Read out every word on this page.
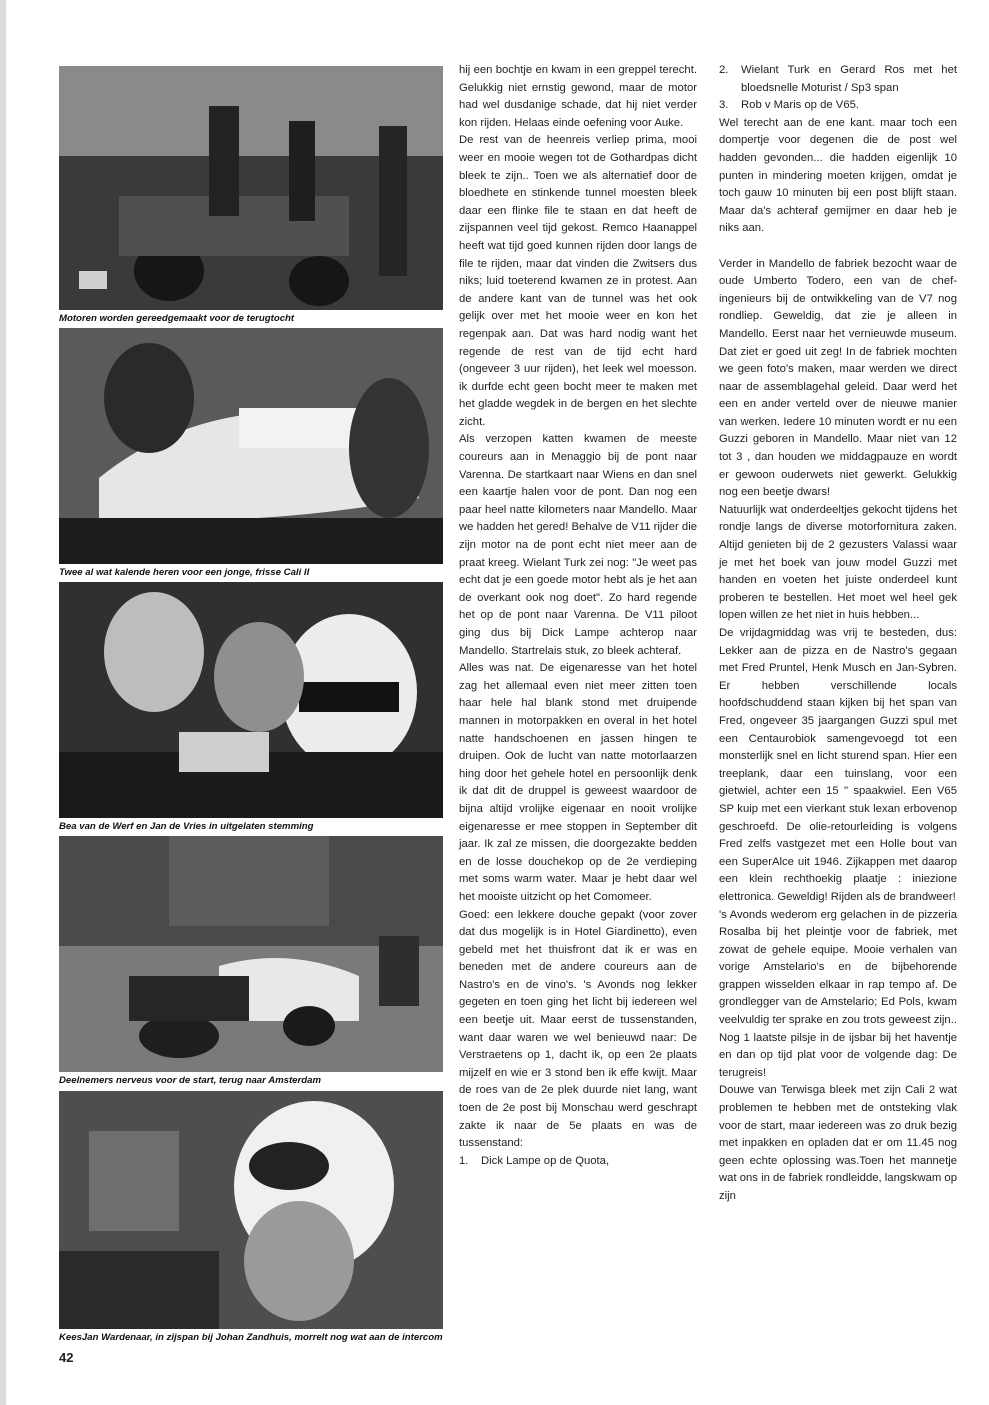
Motoren worden gereedgemaakt voor de terugtocht
Twee al wat kalende heren voor een jonge, frisse Cali II
Bea van de Werf en Jan de Vries in uitgelaten stemming
Deelnemers nerveus voor de start, terug naar Amsterdam
KeesJan Wardenaar, in zijspan bij Johan Zandhuis, morrelt nog wat aan de intercom

hij een bochtje en kwam in een greppel terecht. Gelukkig niet ernstig gewond, maar de motor had wel dusdanige schade, dat hij niet verder kon rijden. Helaas einde oefening voor Auke.

De rest van de heenreis verliep prima, mooi weer en mooie wegen tot de Gothardpas dicht bleek te zijn.. Toen we als alternatief door de bloedhete en stinkende tunnel moesten bleek daar een flinke file te staan en dat heeft de zijspannen veel tijd gekost. Remco Haanappel heeft wat tijd goed kunnen rijden door langs de file te rijden, maar dat vinden die Zwitsers dus niks; luid toeterend kwamen ze in protest. Aan de andere kant van de tunnel was het ook gelijk over met het mooie weer en kon het regenpak aan. Dat was hard nodig want het regende de rest van de tijd echt hard (ongeveer 3 uur rijden), het leek wel moesson. ik durfde echt geen bocht meer te maken met het gladde wegdek in de bergen en het slechte zicht.

Als verzopen katten kwamen de meeste coureurs aan in Menaggio bij de pont naar Varenna. De startkaart naar Wiens en dan snel een kaartje halen voor de pont. Dan nog een paar heel natte kilometers naar Mandello. Maar we hadden het gered! Behalve de V11 rijder die zijn motor na de pont echt niet meer aan de praat kreeg. Wielant Turk zei nog: "Je weet pas echt dat je een goede motor hebt als je het aan de overkant ook nog doet". Zo hard regende het op de pont naar Varenna. De V11 piloot ging dus bij Dick Lampe achterop naar Mandello. Startrelais stuk, zo bleek achteraf.

Alles was nat. De eigenaresse van het hotel zag het allemaal even niet meer zitten toen haar hele hal blank stond met druipende mannen in motorpakken en overal in het hotel natte handschoenen en jassen hingen te druipen. Ook de lucht van natte motorlaarzen hing door het gehele hotel en persoonlijk denk ik dat dit de druppel is geweest waardoor de bijna altijd vrolijke eigenaar en nooit vrolijke eigenaresse er mee stoppen in September dit jaar. Ik zal ze missen, die doorgezakte bedden en de losse douchekop op de 2e verdieping met soms warm water. Maar je hebt daar wel het mooiste uitzicht op het Comomeer.

Goed: een lekkere douche gepakt (voor zover dat dus mogelijk is in Hotel Giardinetto), even gebeld met het thuisfront dat ik er was en beneden met de andere coureurs aan de Nastro's en de vino's. 's Avonds nog lekker gegeten en toen ging het licht bij iedereen wel een beetje uit. Maar eerst de tussenstanden, want daar waren we wel benieuwd naar: De Verstraetens op 1, dacht ik, op een 2e plaats mijzelf en wie er 3 stond ben ik effe kwijt. Maar de roes van de 2e plek duurde niet lang, want toen de 2e post bij Monschau werd geschrapt zakte ik naar de 5e plaats en was de tussenstand:

1.	Dick Lampe op de Quota,
2.	Wielant Turk en Gerard Ros met het bloedsnelle Moturist / Sp3 span
3.	Rob v Maris op de V65.

Wel terecht aan de ene kant. maar toch een dompertje voor degenen die de post wel hadden gevonden... die hadden eigenlijk 10 punten in mindering moeten krijgen, omdat je toch gauw 10 minuten bij een post blijft staan. Maar da's achteraf gemijmer en daar heb je niks aan.

Verder in Mandello de fabriek bezocht waar de oude Umberto Todero, een van de chef-ingenieurs bij de ontwikkeling van de V7 nog rondliep. Geweldig, dat zie je alleen in Mandello. Eerst naar het vernieuwde museum. Dat ziet er goed uit zeg! In de fabriek mochten we geen foto's maken, maar werden we direct naar de assemblagehal geleid. Daar werd het een en ander verteld over de nieuwe manier van werken. Iedere 10 minuten wordt er nu een Guzzi geboren in Mandello. Maar niet van 12 tot 3 , dan houden we middagpauze en wordt er gewoon ouderwets niet gewerkt. Gelukkig nog een beetje dwars!

Natuurlijk wat onderdeeltjes gekocht tijdens het rondje langs de diverse motorfornitura zaken. Altijd genieten bij de 2 gezusters Valassi waar je met het boek van jouw model Guzzi met handen en voeten het juiste onderdeel kunt proberen te bestellen. Het moet wel heel gek lopen willen ze het niet in huis hebben...

De vrijdagmiddag was vrij te besteden, dus: Lekker aan de pizza en de Nastro's gegaan met Fred Pruntel, Henk Musch en Jan-Sybren. Er hebben verschillende locals hoofdschuddend staan kijken bij het span van Fred, ongeveer 35 jaargangen Guzzi spul met een Centaurobiok samengevoegd tot een monsterlijk snel en licht sturend span. Hier een treeplank, daar een tuinslang, voor een gietwiel, achter een 15 " spaakwiel. Een V65 SP kuip met een vierkant stuk lexan erbovenop geschroefd. De olie-retourleiding is volgens Fred zelfs vastgezet met een Holle bout van een SuperAlce uit 1946. Zijkappen met daarop een klein rechthoekig plaatje : iniezione elettronica. Geweldig! Rijden als de brandweer!

's Avonds wederom erg gelachen in de pizzeria Rosalba bij het pleintje voor de fabriek, met zowat de gehele equipe. Mooie verhalen van vorige Amstelario's en de bijbehorende grappen wisselden elkaar in rap tempo af. De grondlegger van de Amstelario; Ed Pols, kwam veelvuldig ter sprake en zou trots geweest zijn.. Nog 1 laatste pilsje in de ijsbar bij het haventje en dan op tijd plat voor de volgende dag: De terugreis!

Douwe van Terwisga bleek met zijn Cali 2 wat problemen te hebben met de ontsteking vlak voor de start, maar iedereen was zo druk bezig met inpakken en opladen dat er om 11.45 nog geen echte oplossing was.Toen het mannetje wat ons in de fabriek rondleidde, langskwam op zijn

42
